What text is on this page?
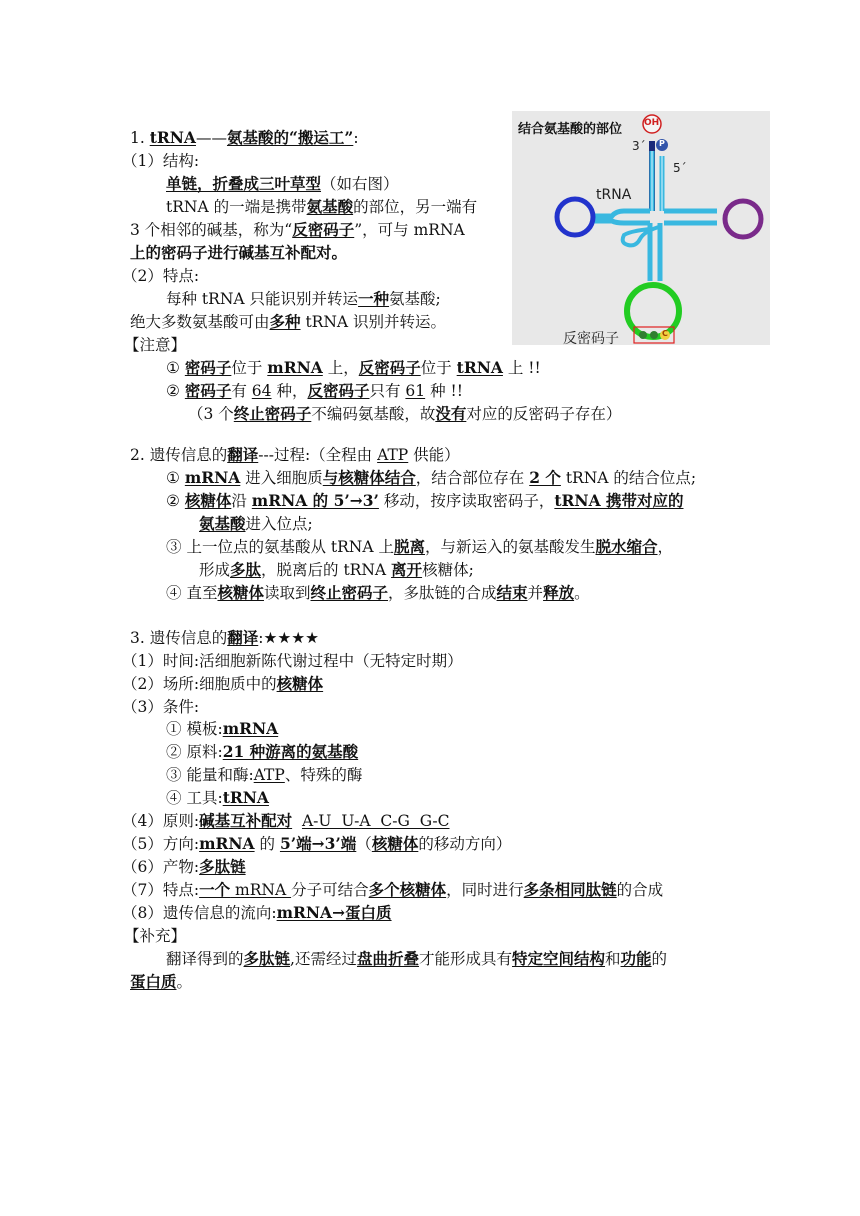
1. tRNA——氨基酸的“搬运工”:
（1）结构:
单链，折叠成三叶草型（如右图）
tRNA 的一端是携带氨基酸的部位，另一端有
3 个相邻的碱基，称为“反密码子”，可与 mRNA
上的密码子进行碱基互补配对。
（2）特点:
每种 tRNA 只能识别并转运一种氨基酸;
绝大多数氨基酸可由多种 tRNA 识别并转运。
【注意】
① 密码子位于 mRNA 上，反密码子位于 tRNA 上 !!
② 密码子有 64 种，反密码子只有 61 种 !!
（3 个终止密码子不编码氨基酸，故没有对应的反密码子存在）
结合氨基酸的部位 OH
P
3´
5´
tRNA
反密码子	C
2. 遗传信息的翻译---过程:（全程由 ATP 供能）
① mRNA 进入细胞质与核糖体结合，结合部位存在 2 个 tRNA 的结合位点;
② 核糖体沿 mRNA 的 5’→3’ 移动，按序读取密码子，tRNA 携带对应的
氨基酸进入位点;
③ 上一位点的氨基酸从 tRNA 上脱离，与新运入的氨基酸发生脱水缩合，
形成多肽，脱离后的 tRNA 离开核糖体;
④ 直至核糖体读取到终止密码子，多肽链的合成结束并释放。
3. 遗传信息的翻译:★★★★
（1）时间:活细胞新陈代谢过程中（无特定时期）
（2）场所:细胞质中的核糖体
（3）条件:
① 模板:mRNA
② 原料:21 种游离的氨基酸
③ 能量和酶:ATP、特殊的酶
④ 工具:tRNA
（4）原则:碱基互补配对 A-U  U-A  C-G  G-C
（5）方向:mRNA 的 5’端→3’端（核糖体的移动方向）
（6）产物:多肽链
（7）特点:一个 mRNA 分子可结合多个核糖体，同时进行多条相同肽链的合成
（8）遗传信息的流向:mRNA→蛋白质
【补充】
翻译得到的多肽链,还需经过盘曲折叠才能形成具有特定空间结构和功能的
蛋白质。
